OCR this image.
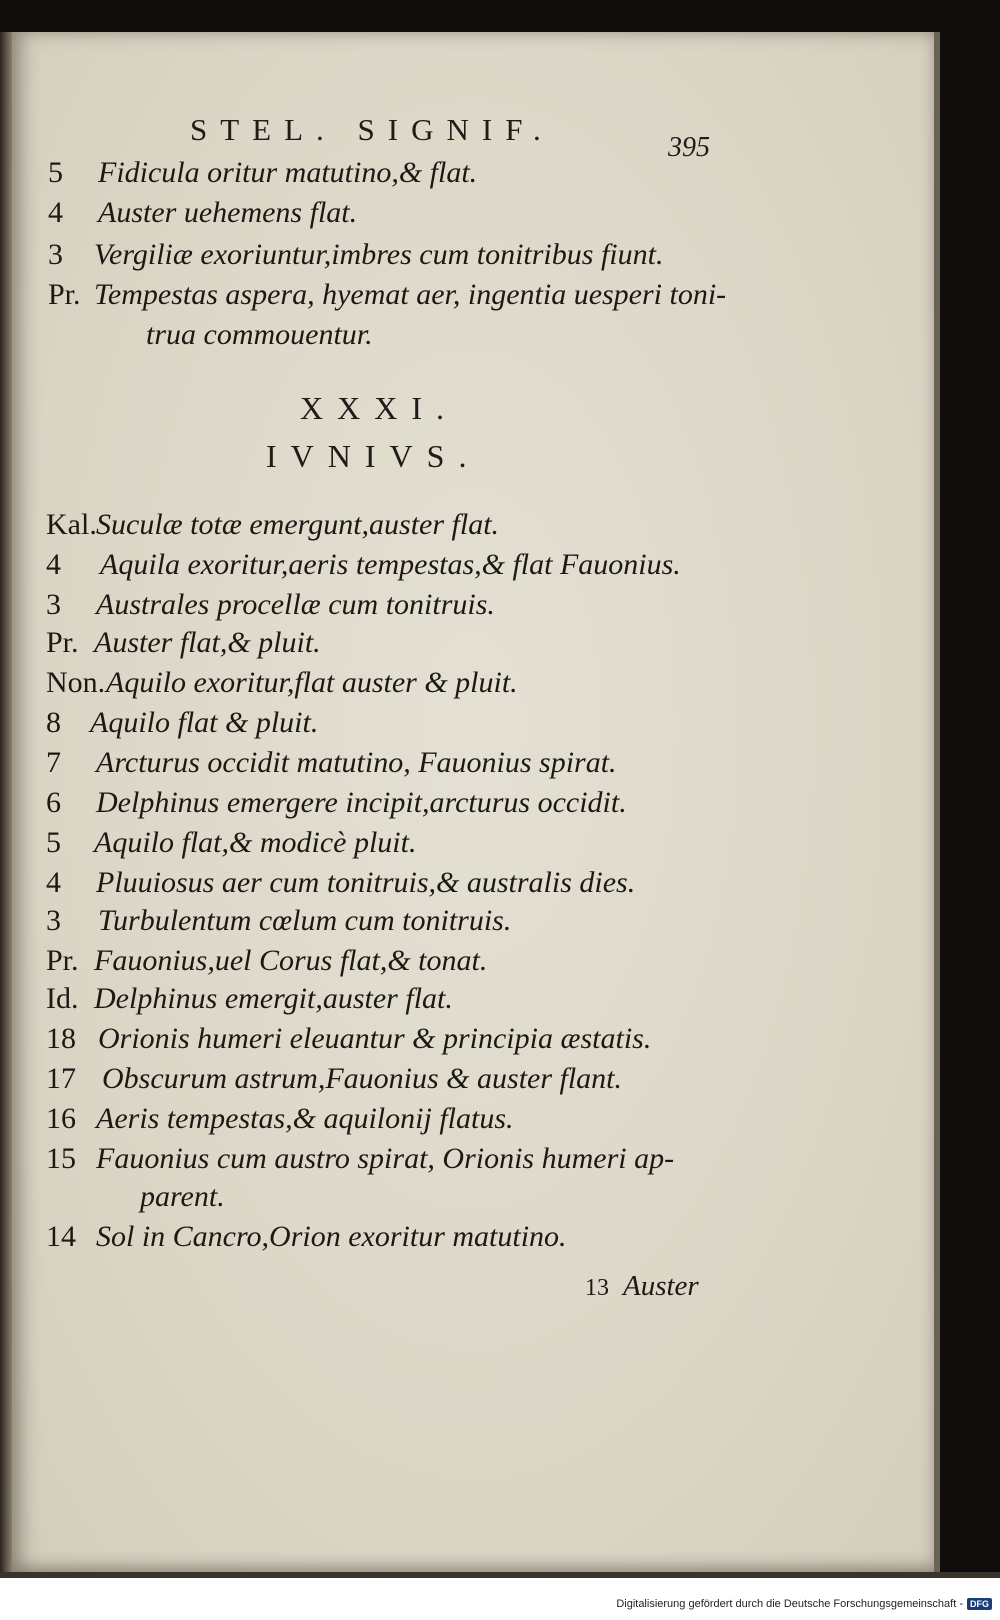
STEL. SIGNIF.
395
5 Fidicula oritur matutino,& flat.
4 Auster uehemens flat.
3 Vergiliæ exoriuntur,imbres cum tonitribus fiunt.
Pr. Tempestas aspera, hyemat aer, ingentia uesperi toni-
trua commouentur.
XXXI.
IVNIVS.
Kal.Suculæ totæ emergunt,auster flat.
4 Aquila exoritur,aeris tempestas,& flat Fauonius.
3 Australes procellæ cum tonitruis.
Pr. Auster flat,& pluit.
Non.Aquilo exoritur,flat auster & pluit.
8 Aquilo flat & pluit.
7 Arcturus occidit matutino, Fauonius spirat.
6 Delphinus emergere incipit,arcturus occidit.
5 Aquilo flat,& modicè pluit.
4 Pluuiosus aer cum tonitruis,& australis dies.
3 Turbulentum cœlum cum tonitruis.
Pr. Fauonius,uel Corus flat,& tonat.
Id. Delphinus emergit,auster flat.
18 Orionis humeri eleuantur & principia æstatis.
17 Obscurum astrum,Fauonius & auster flant.
16 Aeris tempestas,& aquilonij flatus.
15 Fauonius cum austro spirat, Orionis humeri ap-
parent.
14 Sol in Cancro,Orion exoritur matutino.
13 Auster
Digitalisierung gefördert durch die Deutsche Forschungsgemeinschaft - DFG
